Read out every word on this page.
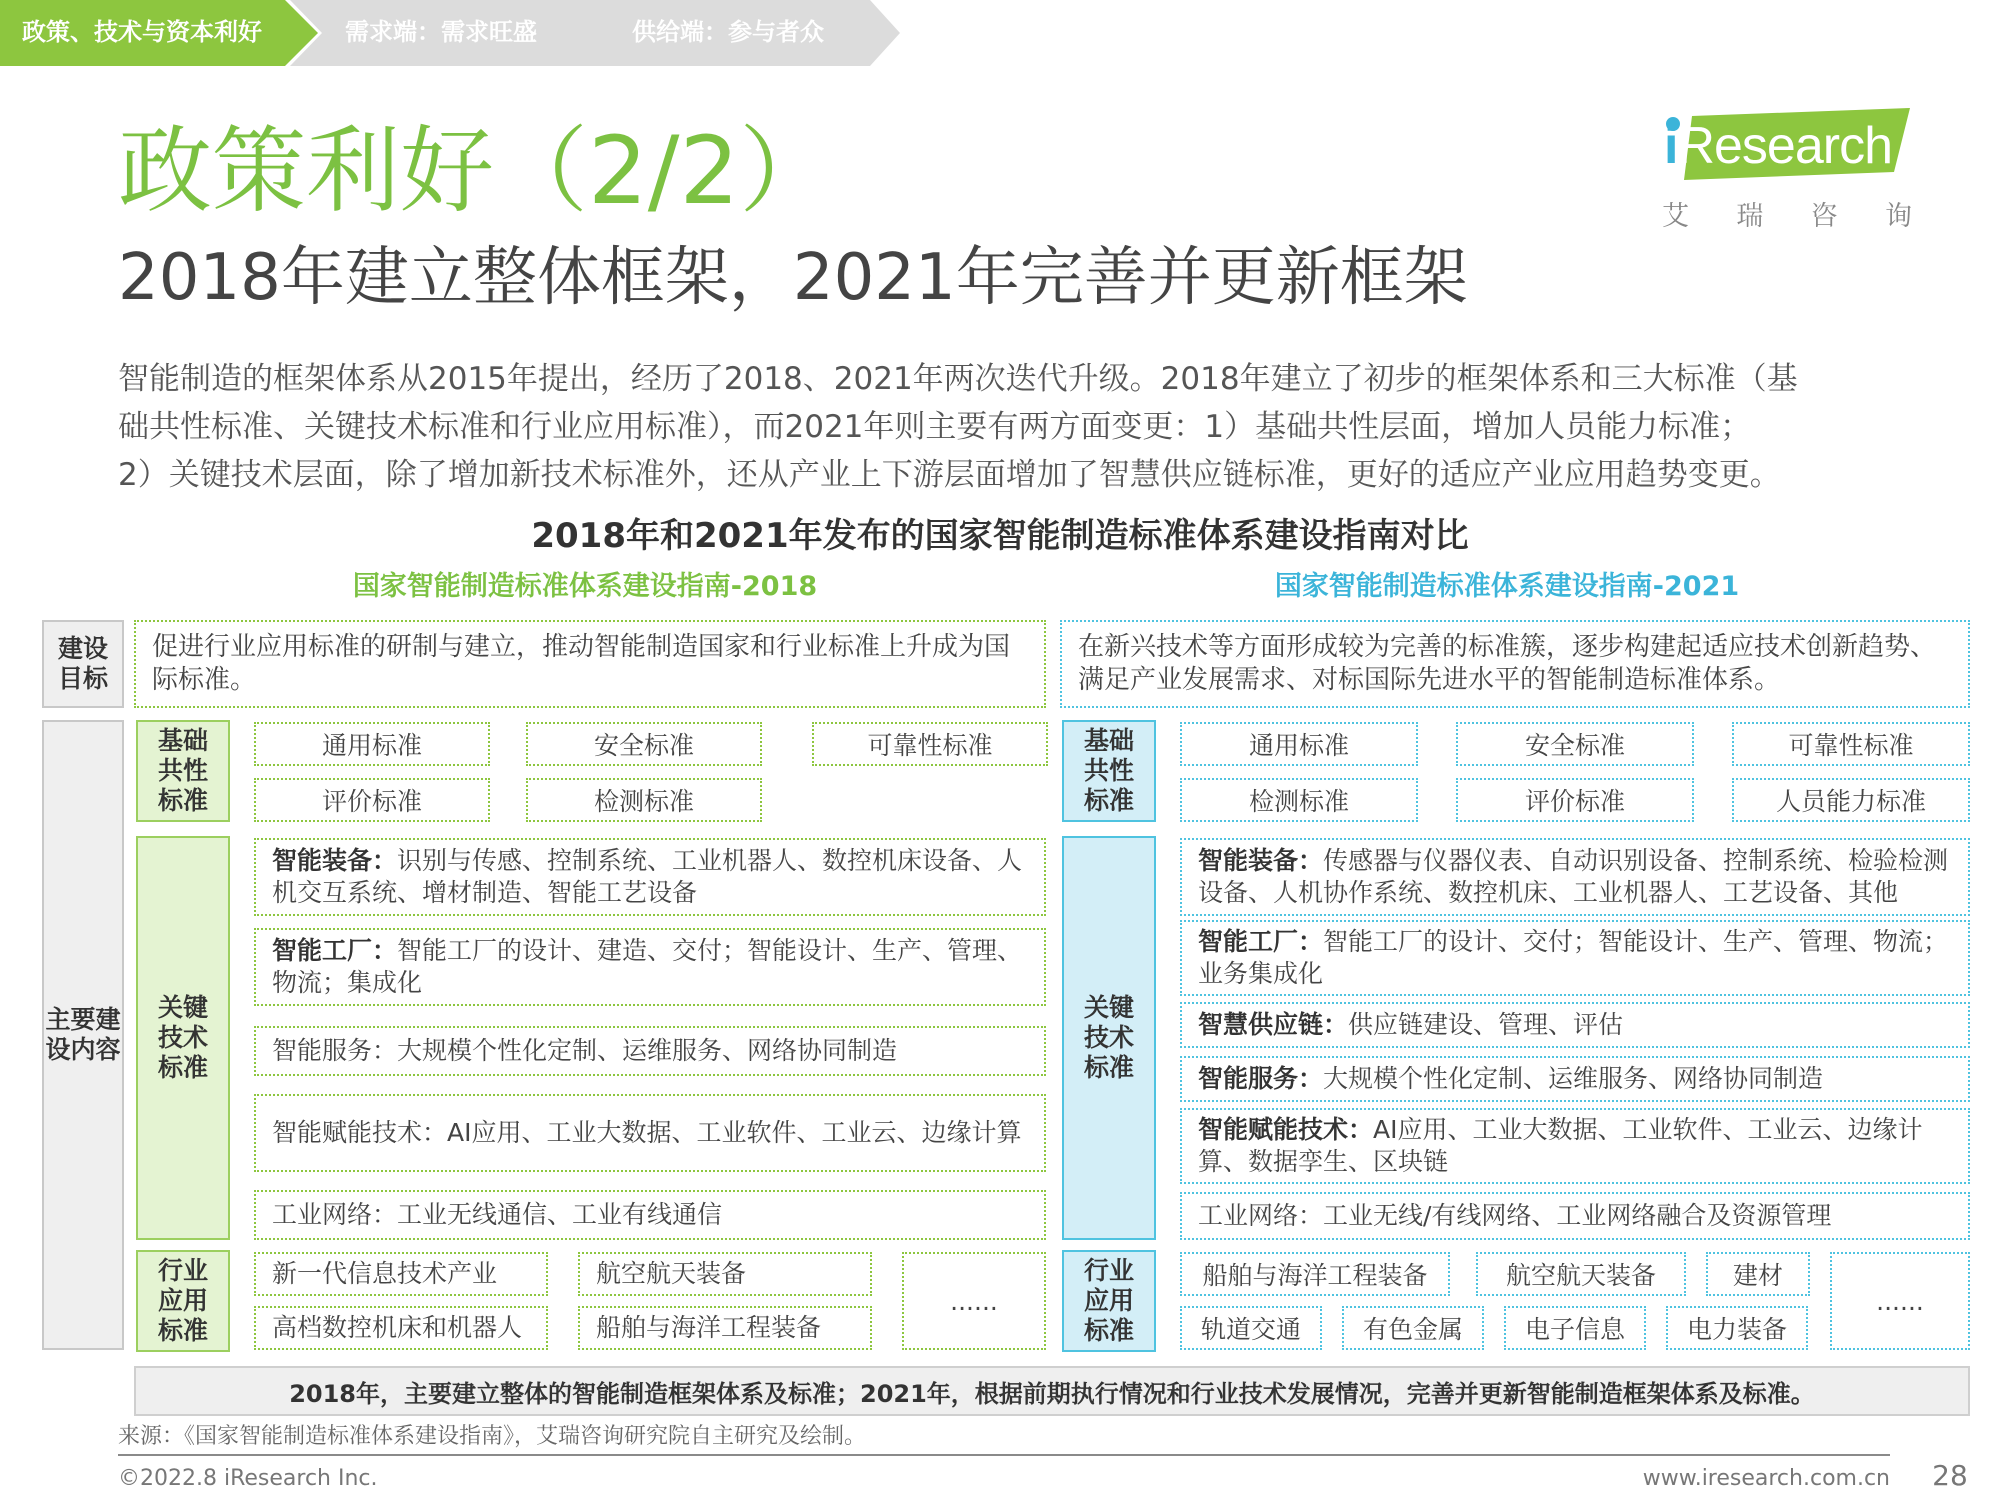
政策、技术与资本利好	需求端：需求旺盛	供给端：参与者众
iResearch
艾 瑞 咨 询
政策利好（2/2）
2018年建立整体框架，2021年完善并更新框架
智能制造的框架体系从2015年提出，经历了2018、2021年两次迭代升级。2018年建立了初步的框架体系和三大标准（基
础共性标准、关键技术标准和行业应用标准），而2021年则主要有两方面变更：1）基础共性层面，增加人员能力标准；
2）关键技术层面，除了增加新技术标准外，还从产业上下游层面增加了智慧供应链标准，更好的适应产业应用趋势变更。
2018年和2021年发布的国家智能制造标准体系建设指南对比
国家智能制造标准体系建设指南-2018	国家智能制造标准体系建设指南-2021
建设
目标
主要建
设内容
促进行业应用标准的研制与建立，推动智能制造国家和行业标准上升成为国际标准。
在新兴技术等方面形成较为完善的标准簇，逐步构建起适应技术创新趋势、满足产业发展需求、对标国际先进水平的智能制造标准体系。
基础
共性
标准
通用标准	安全标准	可靠性标准
评价标准	检测标准
关键
技术
标准
智能装备：识别与传感、控制系统、工业机器人、数控机床设备、人机交互系统、增材制造、智能工艺设备
智能工厂：智能工厂的设计、建造、交付；智能设计、生产、管理、物流；集成化
智能服务：大规模个性化定制、运维服务、网络协同制造
智能赋能技术：AI应用、工业大数据、工业软件、工业云、边缘计算
工业网络：工业无线通信、工业有线通信
行业
应用
标准
新一代信息技术产业	航空航天装备
高档数控机床和机器人	船舶与海洋工程装备
......
基础
共性
标准
通用标准	安全标准	可靠性标准
检测标准	评价标准	人员能力标准
关键
技术
标准
智能装备：传感器与仪器仪表、自动识别设备、控制系统、检验检测设备、人机协作系统、数控机床、工业机器人、工艺设备、其他
智能工厂：智能工厂的设计、交付；智能设计、生产、管理、物流；业务集成化
智慧供应链：供应链建设、管理、评估
智能服务：大规模个性化定制、运维服务、网络协同制造
智能赋能技术：AI应用、工业大数据、工业软件、工业云、边缘计算、数据孪生、区块链
工业网络：工业无线/有线网络、工业网络融合及资源管理
行业
应用
标准
船舶与海洋工程装备	航空航天装备	建材
轨道交通	有色金属	电子信息	电力装备
......
2018年，主要建立整体的智能制造框架体系及标准；2021年，根据前期执行情况和行业技术发展情况，完善并更新智能制造框架体系及标准。
来源：《国家智能制造标准体系建设指南》，艾瑞咨询研究院自主研究及绘制。
©2022.8 iResearch Inc.	www.iresearch.com.cn	28
